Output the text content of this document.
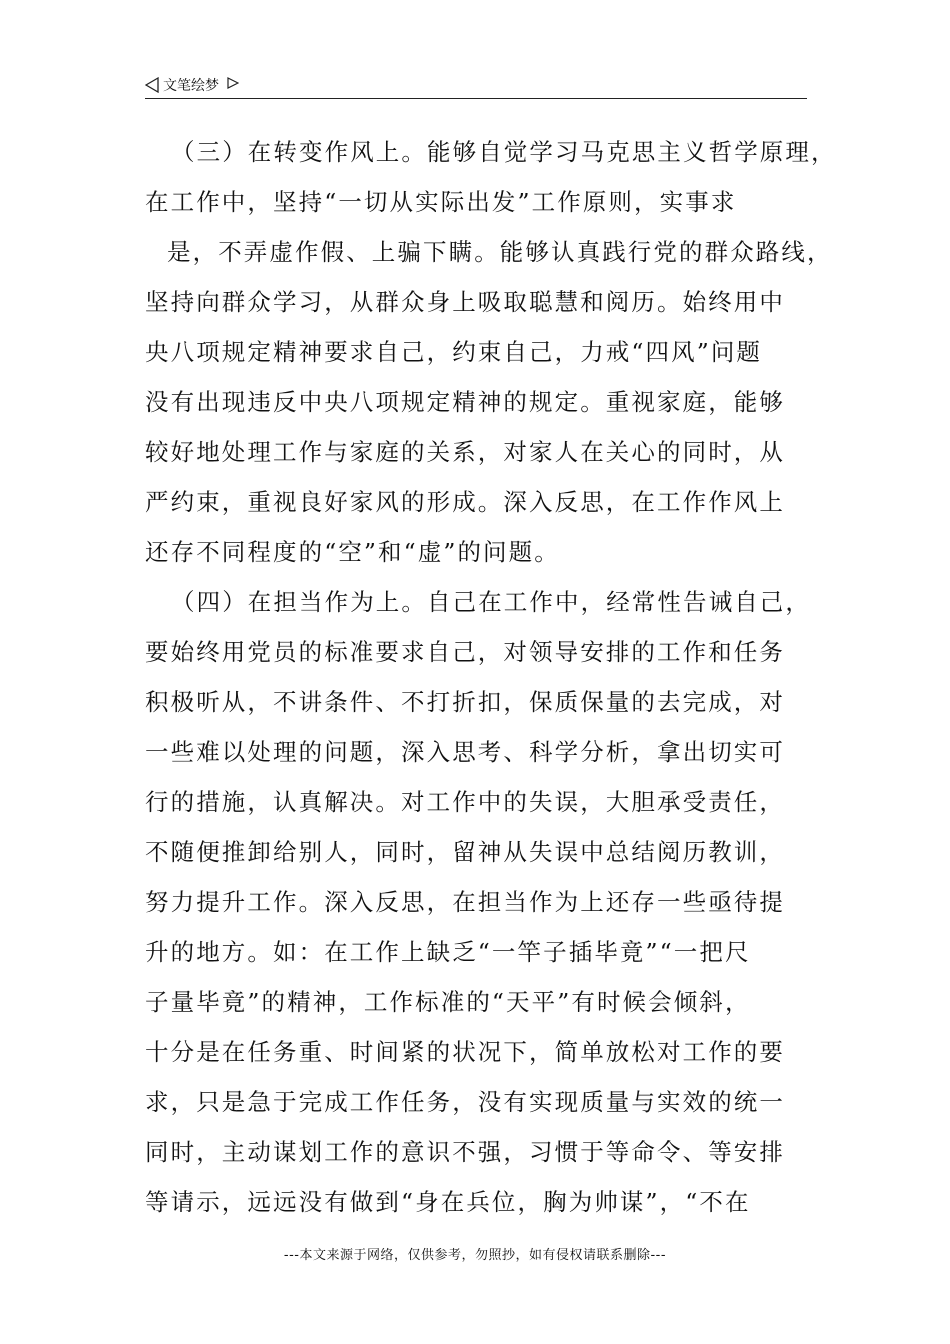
文笔绘梦
（三）在转变作风上。能够自觉学习马克思主义哲学原理，
在工作中，坚持“一切从实际出发”工作原则，实事求
是，不弄虚作假、上骗下瞒。能够认真践行党的群众路线，
坚持向群众学习，从群众身上吸取聪慧和阅历。始终用中
央八项规定精神要求自己，约束自己，力戒“四风”问题
没有出现违反中央八项规定精神的规定。重视家庭，能够
较好地处理工作与家庭的关系，对家人在关心的同时，从
严约束，重视良好家风的形成。深入反思，在工作作风上
还存不同程度的“空”和“虚”的问题。
（四）在担当作为上。自己在工作中，经常性告诫自己，
要始终用党员的标准要求自己，对领导安排的工作和任务
积极听从，不讲条件、不打折扣，保质保量的去完成，对
一些难以处理的问题，深入思考、科学分析，拿出切实可
行的措施，认真解决。对工作中的失误，大胆承受责任，
不随便推卸给别人，同时，留神从失误中总结阅历教训，
努力提升工作。深入反思，在担当作为上还存一些亟待提
升的地方。如：在工作上缺乏“一竿子插毕竟”“一把尺
子量毕竟”的精神，工作标准的“天平”有时候会倾斜，
十分是在任务重、时间紧的状况下，简单放松对工作的要
求，只是急于完成工作任务，没有实现质量与实效的统一
同时，主动谋划工作的意识不强，习惯于等命令、等安排
等请示，远远没有做到“身在兵位，胸为帅谋”，“不在
---本文来源于网络，仅供参考，勿照抄，如有侵权请联系删除---
